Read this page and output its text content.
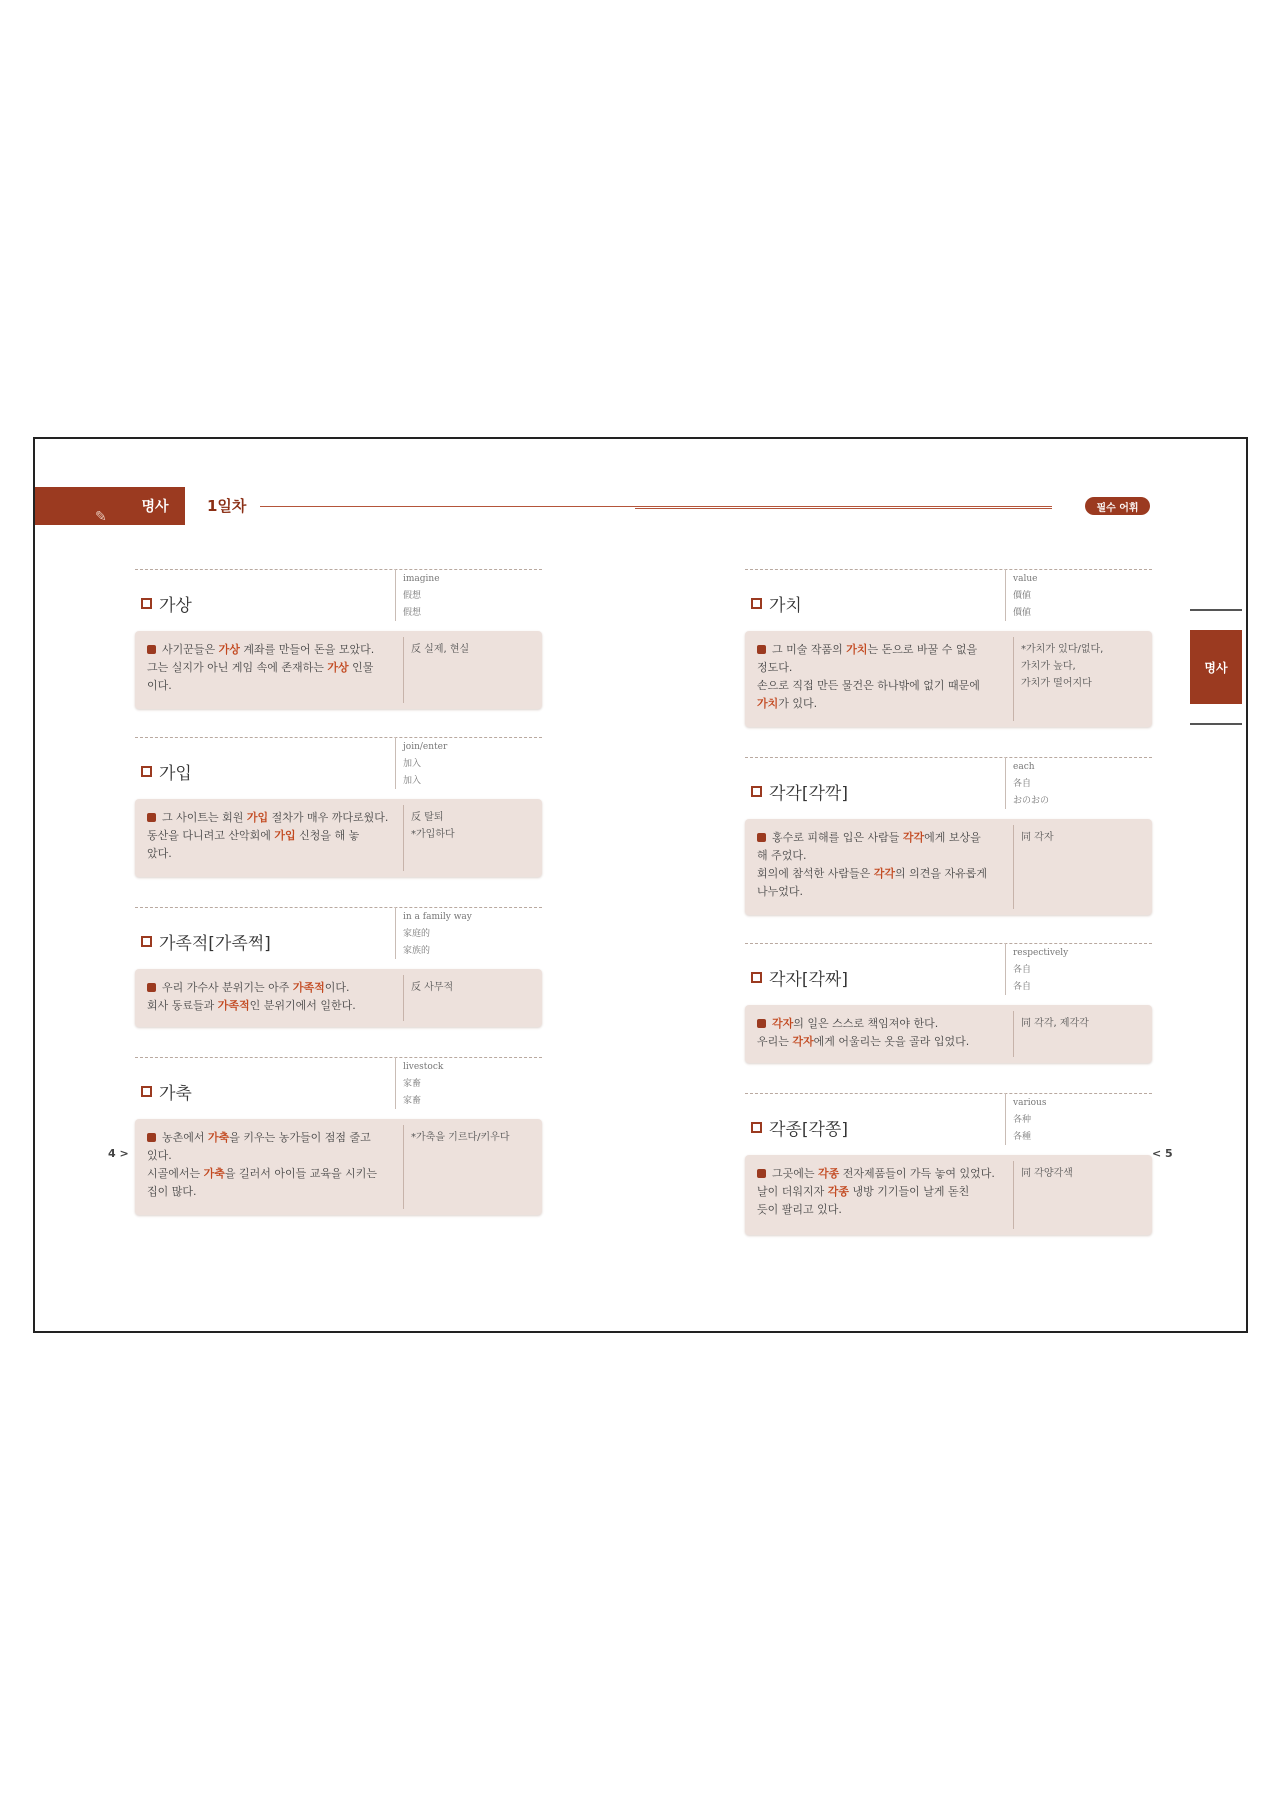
✎
명사	1일차	필수 어휘
명사
가상
imagine
假想
假想

사기꾼들은 가상 계좌를 만들어 돈을 모았다.

그는 실지가 아닌 게임 속에 존재하는 가상 인물

이다.

反 실제, 현실
가입
join/enter
加入
加入

그 사이트는 회원 가입 절차가 매우 까다로웠다.

동산을 다니려고 산악회에 가입 신청을 해 놓

았다.

反 탈퇴
*가입하다
가족적[가족쩍]
in a family way
家庭的
家族的

우리 가수사 분위기는 아주 가족적이다.

회사 동료들과 가족적인 분위기에서 일한다.

反 사무적
가축
livestock
家畜
家畜

농촌에서 가축을 키우는 농가들이 점점 줄고

있다.

시골에서는 가축을 길러서 아이들 교육을 시키는

집이 많다.

*가축을 기르다/키우다
가치
value
價値
價値

그 미술 작품의 가치는 돈으로 바꿀 수 없을

정도다.

손으로 직접 만든 물건은 하나밖에 없기 때문에

가치가 있다.

*가치가 있다/없다,
가치가 높다,
가치가 떨어지다
각각[각깍]
each
各自
おのおの

홍수로 피해를 입은 사람들 각각에게 보상을

해 주었다.

회의에 참석한 사람들은 각각의 의견을 자유롭게

나누었다.

同 각자
각자[각짜]
respectively
各自
各自

각자의 일은 스스로 책임져야 한다.

우리는 각자에게 어울리는 옷을 골라 입었다.

同 각각, 제각각
각종[각쫑]
various
各种
各種

그곳에는 각종 전자제품들이 가득 놓여 있었다.

날이 더워지자 각종 냉방 기기들이 날게 돋친

듯이 팔리고 있다.

同 각양각색
4 >	< 5
